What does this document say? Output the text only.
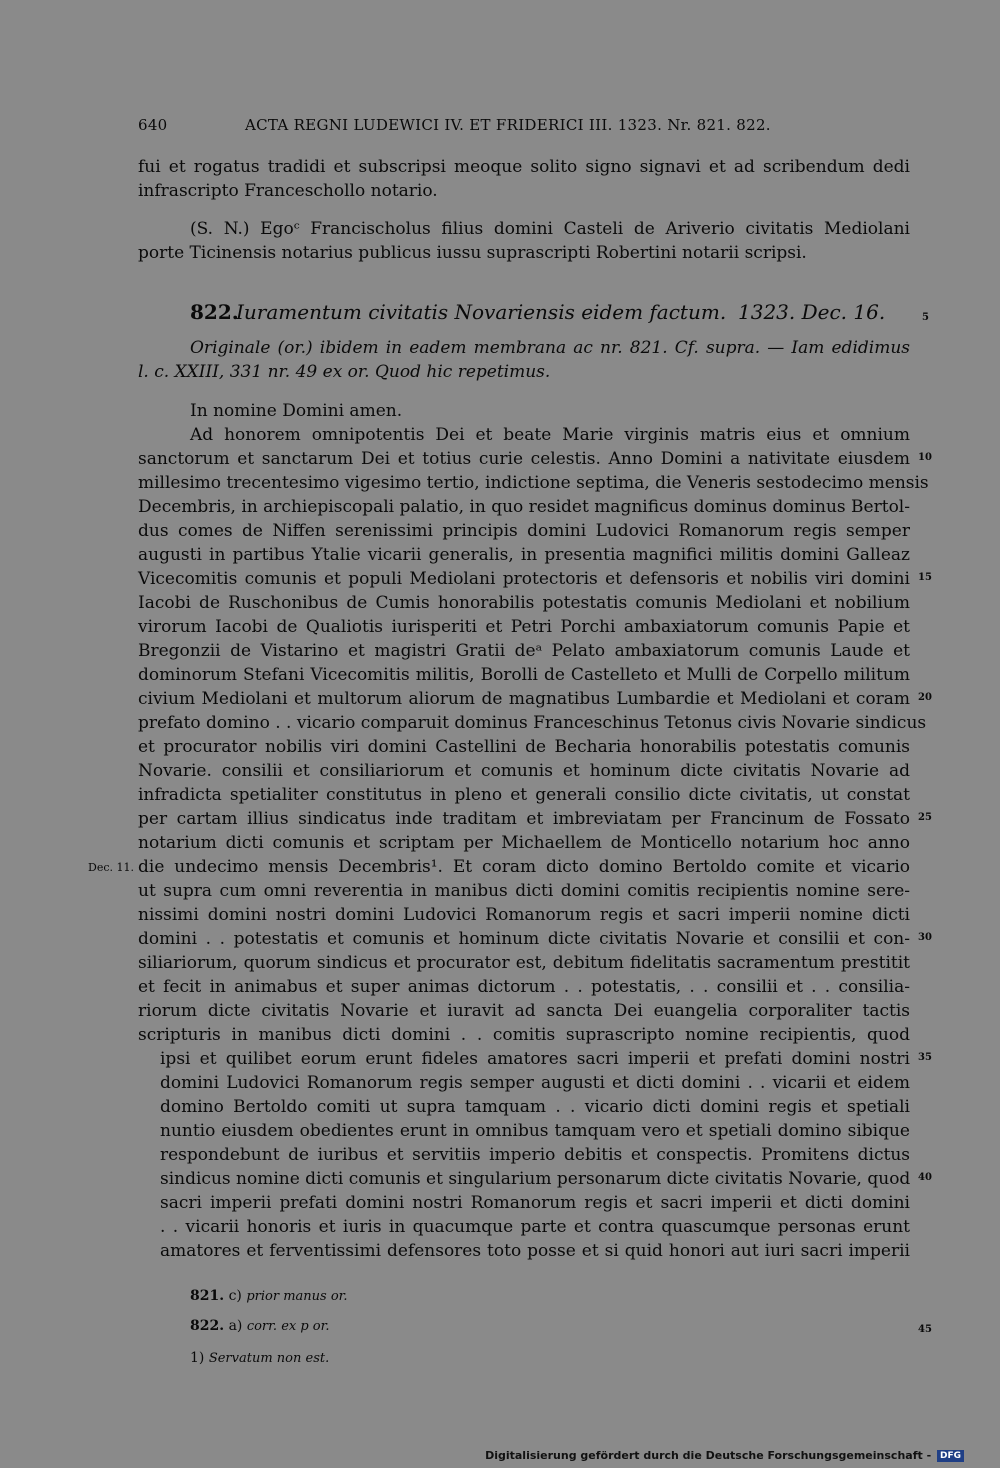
640	ACTA REGNI LUDEWICI IV. ET FRIDERICI III. 1323. Nr. 821. 822.
fui et rogatus tradidi et subscripsi meoque solito signo signavi et ad scribendum dedi
infrascripto Franceschollo notario.
(S. N.) Egoᶜ Francischolus filius domini Casteli de Ariverio civitatis Mediolani
porte Ticinensis notarius publicus iussu suprascripti Robertini notarii scripsi.
822.
Iuramentum civitatis Novariensis eidem factum. 1323. Dec. 16.
Originale (or.) ibidem in eadem membrana ac nr. 821. Cf. supra. — Iam edidimus
l. c. XXIII, 331 nr. 49 ex or. Quod hic repetimus.
In nomine Domini amen.
Ad honorem omnipotentis Dei et beate Marie virginis matris eius et omnium
sanctorum et sanctarum Dei et totius curie celestis. Anno Domini a nativitate eiusdem
millesimo trecentesimo vigesimo tertio, indictione septima, die Veneris sestodecimo mensis
Decembris, in archiepiscopali palatio, in quo residet magnificus dominus dominus Bertol-
dus comes de Niffen serenissimi principis domini Ludovici Romanorum regis semper
augusti in partibus Ytalie vicarii generalis, in presentia magnifici militis domini Galleaz
Vicecomitis comunis et populi Mediolani protectoris et defensoris et nobilis viri domini
Iacobi de Ruschonibus de Cumis honorabilis potestatis comunis Mediolani et nobilium
virorum Iacobi de Qualiotis iurisperiti et Petri Porchi ambaxiatorum comunis Papie et
Bregonzii de Vistarino et magistri Gratii deᵃ Pelato ambaxiatorum comunis Laude et
dominorum Stefani Vicecomitis militis, Borolli de Castelleto et Mulli de Corpello militum
civium Mediolani et multorum aliorum de magnatibus Lumbardie et Mediolani et coram
prefato domino . . vicario comparuit dominus Franceschinus Tetonus civis Novarie sindicus
et procurator nobilis viri domini Castellini de Becharia honorabilis potestatis comunis
Novarie. consilii et consiliariorum et comunis et hominum dicte civitatis Novarie ad
infradicta spetialiter constitutus in pleno et generali consilio dicte civitatis, ut constat
per cartam illius sindicatus inde traditam et imbreviatam per Francinum de Fossato
notarium dicti comunis et scriptam per Michaellem de Monticello notarium hoc anno
die undecimo mensis Decembris¹. Et coram dicto domino Bertoldo comite et vicario
ut supra cum omni reverentia in manibus dicti domini comitis recipientis nomine sere-
nissimi domini nostri domini Ludovici Romanorum regis et sacri imperii nomine dicti
domini . . potestatis et comunis et hominum dicte civitatis Novarie et consilii et con-
siliariorum, quorum sindicus et procurator est, debitum fidelitatis sacramentum prestitit
et fecit in animabus et super animas dictorum . . potestatis, . . consilii et . . consilia-
riorum dicte civitatis Novarie et iuravit ad sancta Dei euangelia corporaliter tactis
scripturis in manibus dicti domini . . comitis suprascripto nomine recipientis, quod
ipsi et quilibet eorum erunt fideles amatores sacri imperii et prefati domini nostri
domini Ludovici Romanorum regis semper augusti et dicti domini . . vicarii et eidem
domino Bertoldo comiti ut supra tamquam . . vicario dicti domini regis et spetiali
nuntio eiusdem obedientes erunt in omnibus tamquam vero et spetiali domino sibique
respondebunt de iuribus et servitiis imperio debitis et conspectis. Promitens dictus
sindicus nomine dicti comunis et singularium personarum dicte civitatis Novarie, quod
sacri imperii prefati domini nostri Romanorum regis et sacri imperii et dicti domini
. . vicarii honoris et iuris in quacumque parte et contra quascumque personas erunt
amatores et ferventissimi defensores toto posse et si quid honori aut iuri sacri imperii
5
10
15
20
25
30
35
40
45
Dec. 11.
821. c) prior manus or.
822. a) corr. ex p or.
1) Servatum non est.
Digitalisierung gefördert durch die Deutsche Forschungsgemeinschaft - DFG
